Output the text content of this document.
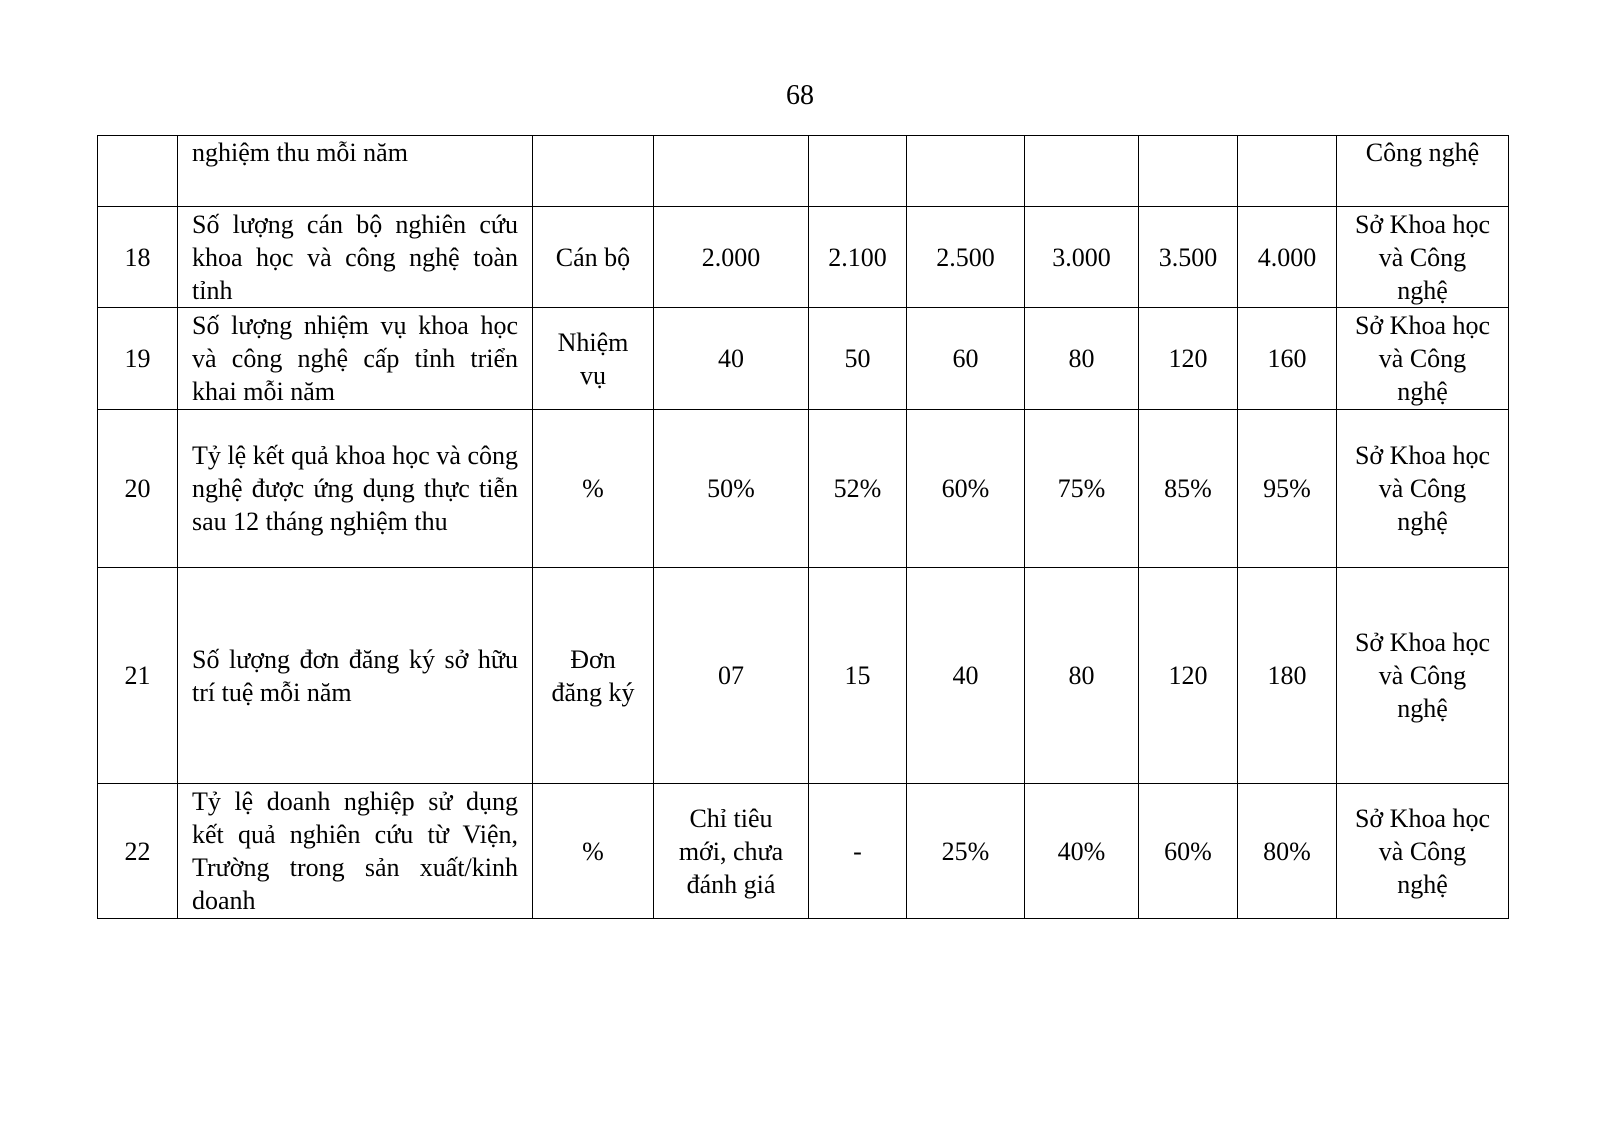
68
	nghiệm thu mỗi năm								Công nghệ
18	Số lượng cán bộ nghiên cứu khoa học và công nghệ toàn tỉnh	Cán bộ	2.000	2.100	2.500	3.000	3.500	4.000	Sở Khoa học và Công nghệ
19	Số lượng nhiệm vụ khoa học và công nghệ cấp tỉnh triển khai mỗi năm	Nhiệm vụ	40	50	60	80	120	160	Sở Khoa học và Công nghệ
20	Tỷ lệ kết quả khoa học và công nghệ được ứng dụng thực tiễn sau 12 tháng nghiệm thu	%	50%	52%	60%	75%	85%	95%	Sở Khoa học và Công nghệ
21	Số lượng đơn đăng ký sở hữu trí tuệ mỗi năm	Đơn đăng ký	07	15	40	80	120	180	Sở Khoa học và Công nghệ
22	Tỷ lệ doanh nghiệp sử dụng kết quả nghiên cứu từ Viện, Trường trong sản xuất/kinh doanh	%	Chỉ tiêu mới, chưa đánh giá	-	25%	40%	60%	80%	Sở Khoa học và Công nghệ
